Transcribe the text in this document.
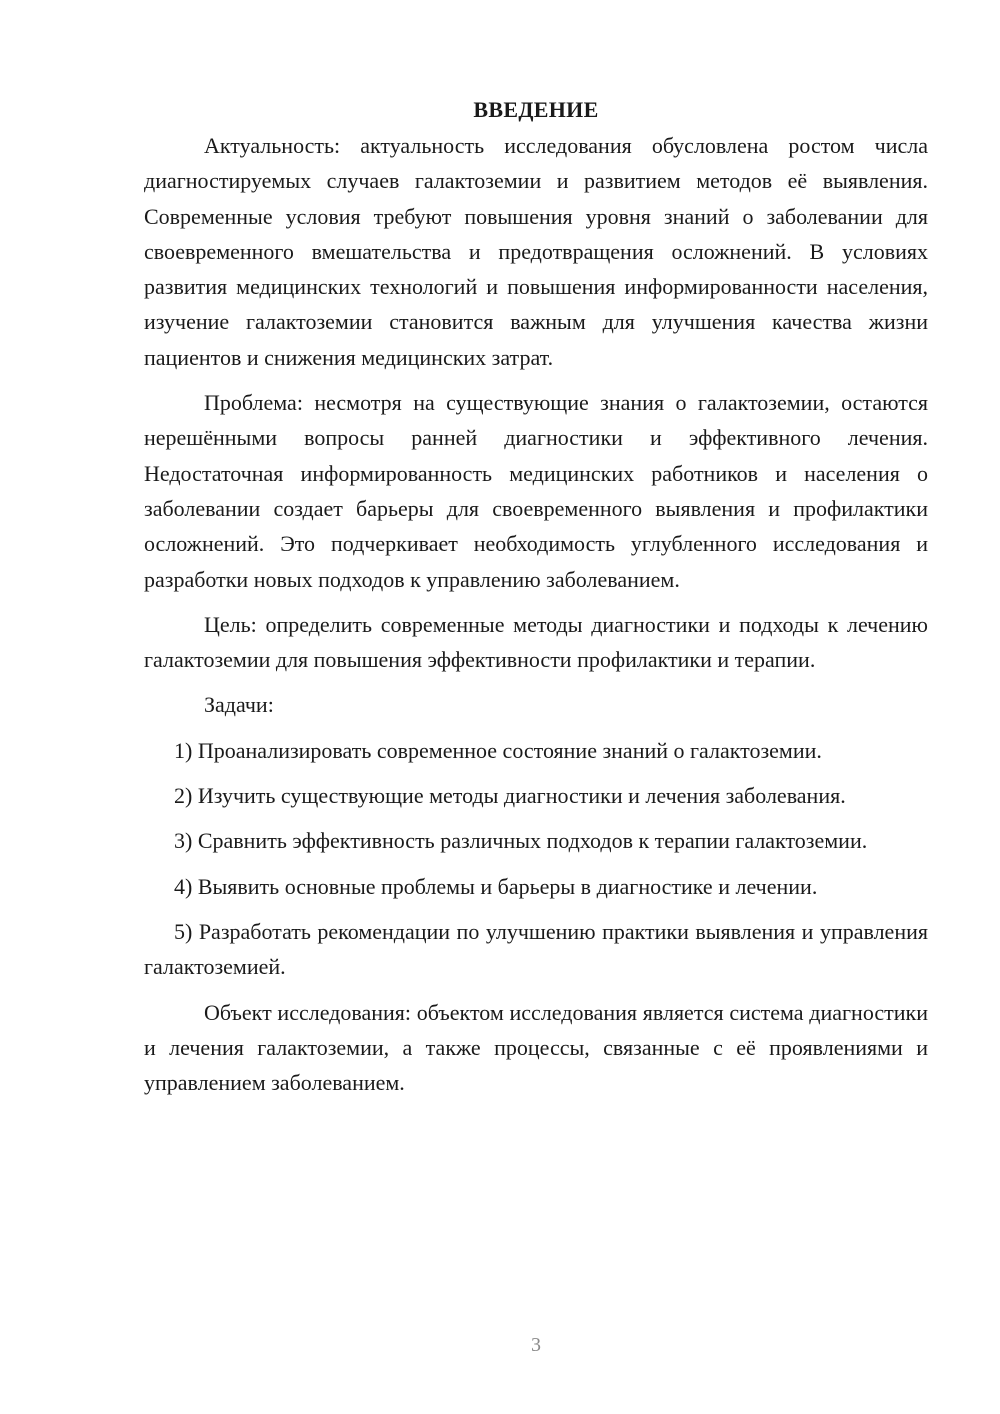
ВВЕДЕНИЕ

Актуальность: актуальность исследования обусловлена ростом числа диагностируемых случаев галактоземии и развитием методов её выявления. Современные условия требуют повышения уровня знаний о заболевании для своевременного вмешательства и предотвращения осложнений. В условиях развития медицинских технологий и повышения информированности населения, изучение галактоземии становится важным для улучшения качества жизни пациентов и снижения медицинских затрат.

Проблема: несмотря на существующие знания о галактоземии, остаются нерешёнными вопросы ранней диагностики и эффективного лечения. Недостаточная информированность медицинских работников и населения о заболевании создает барьеры для своевременного выявления и профилактики осложнений. Это подчеркивает необходимость углубленного исследования и разработки новых подходов к управлению заболеванием.

Цель: определить современные методы диагностики и подходы к лечению галактоземии для повышения эффективности профилактики и терапии.

Задачи:

1) Проанализировать современное состояние знаний о галактоземии.

2) Изучить существующие методы диагностики и лечения заболевания.

3) Сравнить эффективность различных подходов к терапии галактоземии.

4) Выявить основные проблемы и барьеры в диагностике и лечении.

5) Разработать рекомендации по улучшению практики выявления и управления галактоземией.

Объект исследования: объектом исследования является система диагностики и лечения галактоземии, а также процессы, связанные с её проявлениями и управлением заболеванием.

3
